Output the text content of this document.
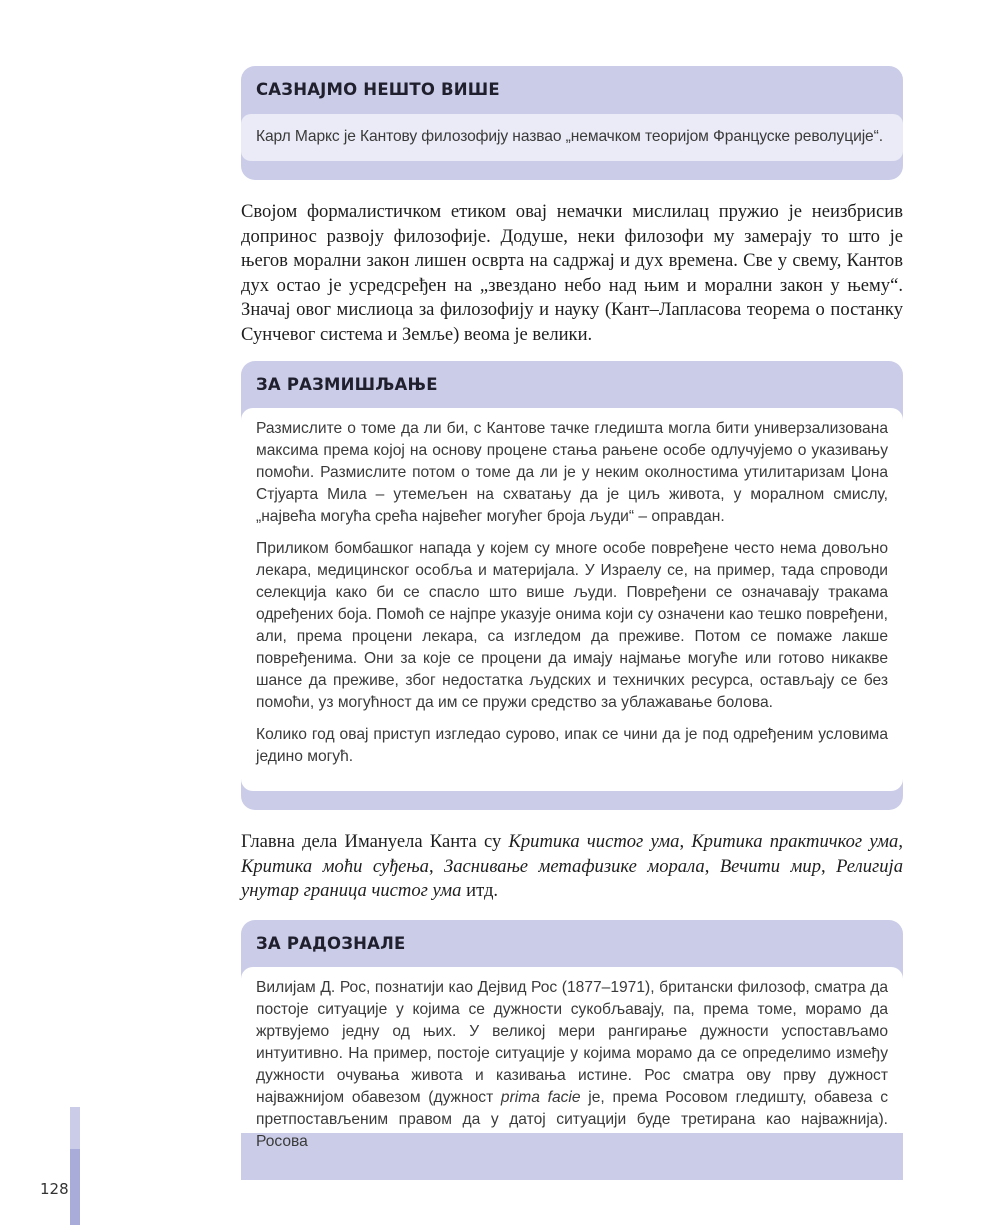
САЗНАЈМО НЕШТО ВИШЕ
Карл Маркс је Кантову филозофију назвао „немачком теоријом Француске револуције“.

Својом формалистичком етиком овај немачки мислилац пружио је неизбрисив допринос развоју филозофије. Додуше, неки филозофи му замерају то што је његов морални закон лишен осврта на садржај и дух времена. Све у свему, Кантов дух остао је усредсређен на „звездано небо над њим и морални закон у њему“. Значај овог мислиоца за филозофију и науку (Кант–Лапласова теорема о постанку Сунчевог система и Земље) веома је велики.

ЗА РАЗМИШЉАЊЕ

Размислите о томе да ли би, с Кантове тачке гледишта могла бити универзализована максима према којој на основу процене стања рањене особе одлучујемо о указивању помоћи. Размислите потом о томе да ли је у неким околностима утилитаризам Џона Стјуарта Мила – утемељен на схватању да је циљ живота, у моралном смислу, „највећа могућа срећа највећег могућег броја људи“ – оправдан.

Приликом бомбашког напада у којем су многе особе повређене често нема довољно лекара, медицинског особља и материјала. У Израелу се, на пример, тада спроводи селекција како би се спасло што више људи. Повређени се означавају тракама одређених боја. Помоћ се најпре указује онима који су означени као тешко повређени, али, према процени лекара, са изгледом да преживе. Потом се помаже лакше повређенима. Они за које се процени да имају најмање могуће или готово никакве шансе да преживе, због недостатка људских и техничких ресурса, остављају се без помоћи, уз могућност да им се пружи средство за ублажавање болова.

Колико год овај приступ изгледао сурово, ипак се чини да је под одређеним условима једино могућ.

Главна дела Имануела Канта су Критика чистог ума, Критика практичког ума, Критика моћи суђења, Заснивање метафизике морала, Вечити мир, Религија унутар граница чистог ума итд.

ЗА РАДОЗНАЛЕ
Вилијам Д. Рос, познатији као Дејвид Рос (1877–1971), британски филозоф, сматра да постоје ситуације у којима се дужности сукобљавају, па, према томе, морамо да жртвујемо једну од њих. У великој мери рангирање дужности успостављамо интуитивно. На пример, постоје ситуације у којима морамо да се определимо између дужности очувања живота и казивања истине. Рос сматра ову прву дужност најважнијом обавезом (дужност prima facie је, према Росовом гледишту, обавеза с претпостављеним правом да у датој ситуацији буде третирана као најважнија). Росова
128
